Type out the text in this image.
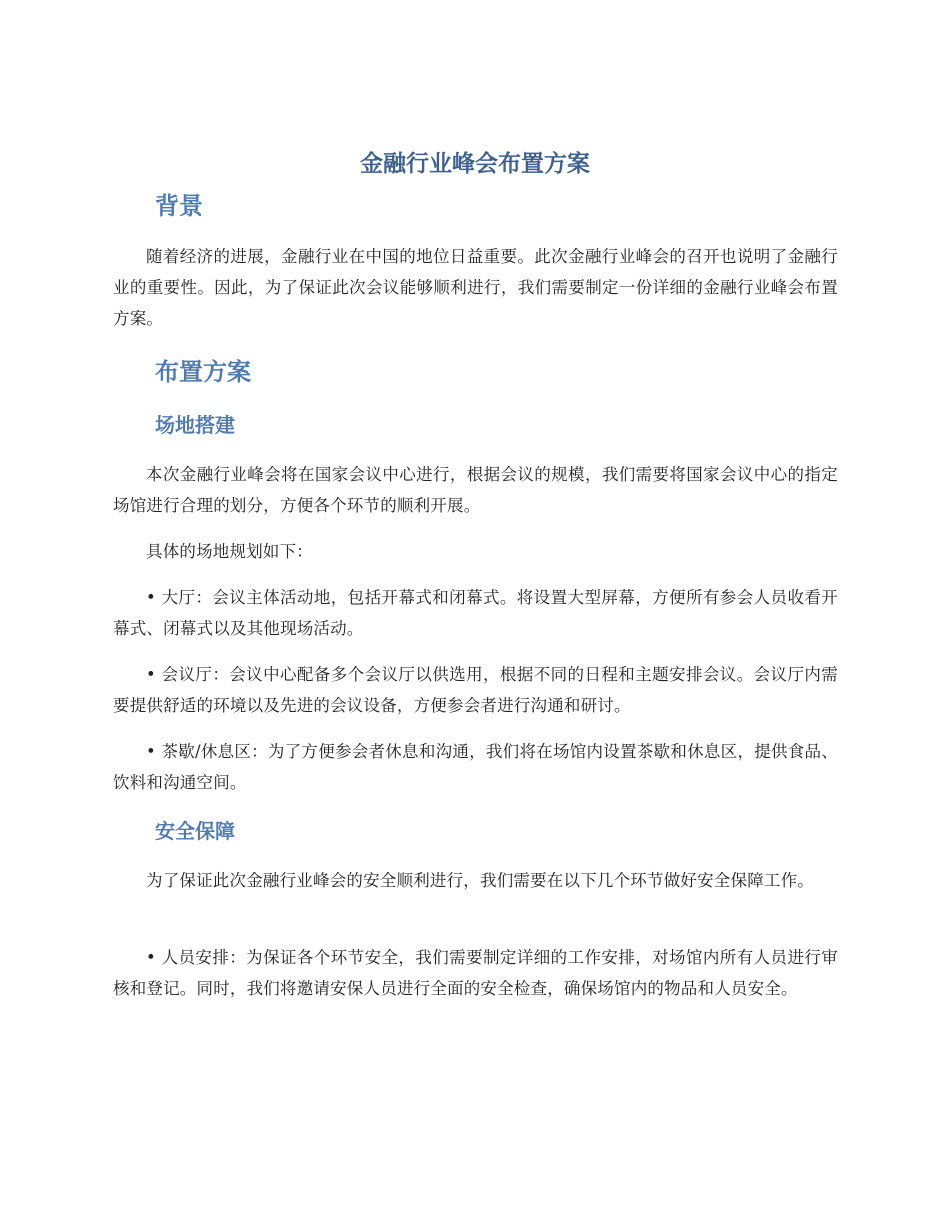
金融行业峰会布置方案
背景

随着经济的进展，金融行业在中国的地位日益重要。此次金融行业峰会的召开也说明了金融行业的重要性。因此，为了保证此次会议能够顺利进行，我们需要制定一份详细的金融行业峰会布置方案。

布置方案
场地搭建

本次金融行业峰会将在国家会议中心进行，根据会议的规模，我们需要将国家会议中心的指定场馆进行合理的划分，方便各个环节的顺利开展。

具体的场地规划如下：

• 大厅：会议主体活动地，包括开幕式和闭幕式。将设置大型屏幕，方便所有参会人员收看开幕式、闭幕式以及其他现场活动。

• 会议厅：会议中心配备多个会议厅以供选用，根据不同的日程和主题安排会议。会议厅内需要提供舒适的环境以及先进的会议设备，方便参会者进行沟通和研讨。

• 茶歇/休息区：为了方便参会者休息和沟通，我们将在场馆内设置茶歇和休息区，提供食品、饮料和沟通空间。

安全保障

为了保证此次金融行业峰会的安全顺利进行，我们需要在以下几个环节做好安全保障工作。

• 人员安排：为保证各个环节安全，我们需要制定详细的工作安排，对场馆内所有人员进行审核和登记。同时，我们将邀请安保人员进行全面的安全检查，确保场馆内的物品和人员安全。
